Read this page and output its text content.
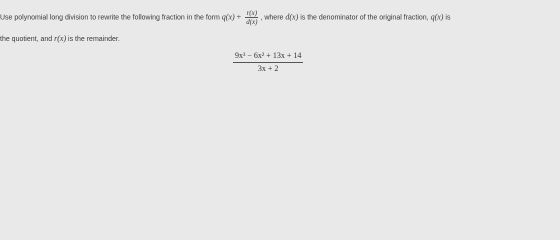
Use polynomial long division to rewrite the following fraction in the form $q(x) + \frac{r(x)}{d(x)}$ , where d(x) is the denominator of the original fraction, q(x) is
the quotient, and r(x) is the remainder.
$\frac{\text{9x³ − 6x² + 13x + 14}}{3x + 2}$
